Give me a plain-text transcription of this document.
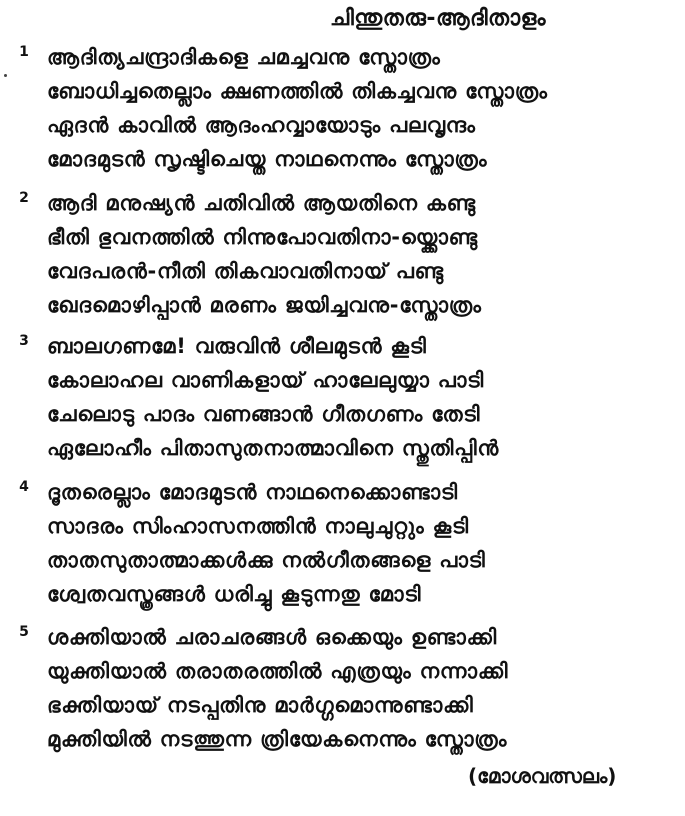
ചിന്തുതരു-ആദിതാളം
1 ആദിത്യചന്ദ്രാദികളെ ചമച്ചവനു സ്തോത്രം
ബോധിച്ചതെല്ലാം ക്ഷണത്തിൽ തികച്ചവനു സ്തോത്രം
ഏദൻ കാവിൽ ആദംഹവ്വായോടും പലവൃന്ദം
മോദമുടൻ സൃഷ്ടിചെയ്ത നാഥനെന്നും സ്തോത്രം
2 ആദി മനുഷ്യൻ ചതിവിൽ ആയതിനെ കണ്ടു
ഭീതി ഭുവനത്തിൽ നിന്നുപോവതിനാ-യ്ക്കൊണ്ടു
വേദപരൻ-നീതി തികവാവതിനായ് പണ്ടു
ഖേദമൊഴിപ്പാൻ മരണം ജയിച്ചവനു-സ്തോത്രം
3 ബാലഗണമേ! വരുവിൻ ശീലമുടൻ കൂടി
കോലാഹല വാണികളായ് ഹാലേലുയ്യാ പാടി
ചേലൊടു പാദം വണങ്ങാൻ ഗീതഗണം തേടി
ഏലോഹീം പിതാസുതനാത്മാവിനെ സ്തുതിപ്പിൻ
4 ദൂതരെല്ലാം മോദമുടൻ നാഥനെക്കൊണ്ടാടി
സാദരം സിംഹാസനത്തിൻ നാലുചുറ്റും കൂടി
താതസുതാത്മാക്കൾക്കു നൽഗീതങ്ങളെ പാടി
ശ്വേതവസ്ത്രങ്ങൾ ധരിച്ചു കൂടുന്നതു മോടി
5 ശക്തിയാൽ ചരാചരങ്ങൾ ഒക്കെയും ഉണ്ടാക്കി
യുക്തിയാൽ തരാതരത്തിൽ എത്രയും നന്നാക്കി
ഭക്തിയായ് നടപ്പതിനു മാർഗ്ഗമൊന്നുണ്ടാക്കി
മുക്തിയിൽ നടത്തുന്ന ത്രിയേകനെന്നും സ്തോത്രം
(മോശവത്സലം)
